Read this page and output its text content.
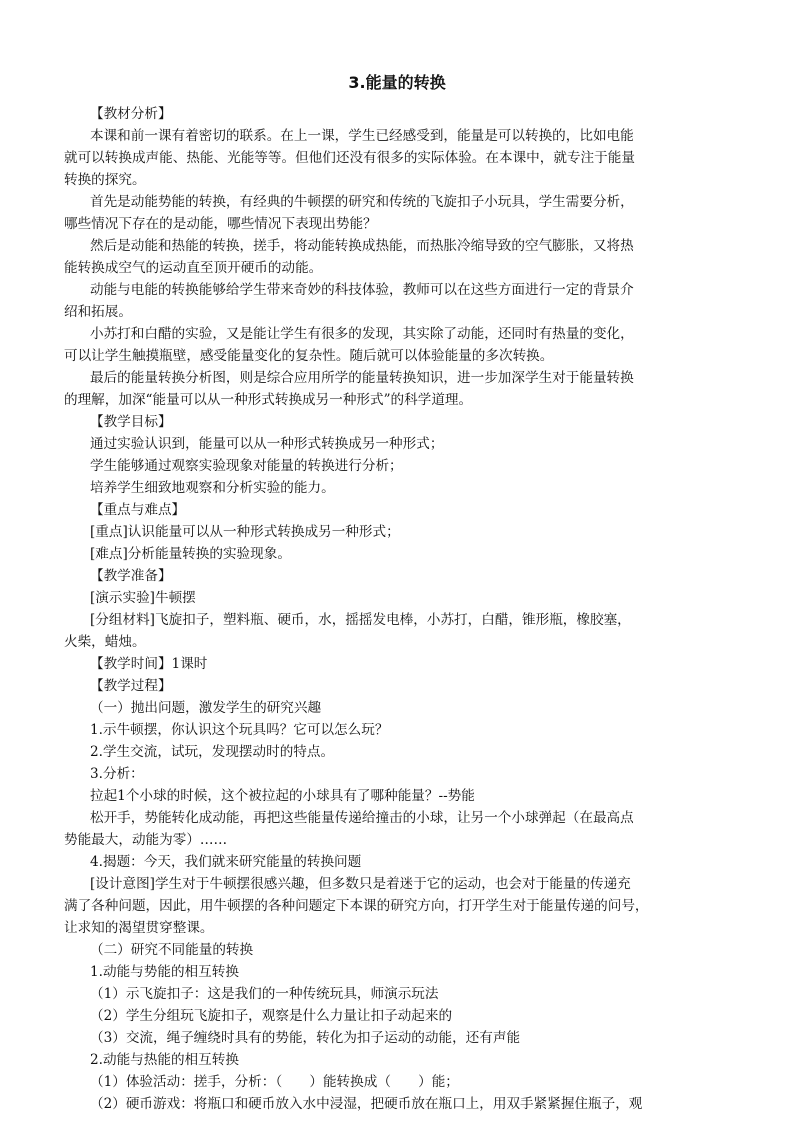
3.能量的转换

【教材分析】

本课和前一课有着密切的联系。在上一课，学生已经感受到，能量是可以转换的，比如电能

就可以转换成声能、热能、光能等等。但他们还没有很多的实际体验。在本课中，就专注于能量

转换的探究。

首先是动能势能的转换，有经典的牛顿摆的研究和传统的飞旋扣子小玩具，学生需要分析，

哪些情况下存在的是动能，哪些情况下表现出势能？

然后是动能和热能的转换，搓手，将动能转换成热能，而热胀冷缩导致的空气膨胀，又将热

能转换成空气的运动直至顶开硬币的动能。

动能与电能的转换能够给学生带来奇妙的科技体验，教师可以在这些方面进行一定的背景介

绍和拓展。

小苏打和白醋的实验，又是能让学生有很多的发现，其实除了动能，还同时有热量的变化，

可以让学生触摸瓶壁，感受能量变化的复杂性。随后就可以体验能量的多次转换。

最后的能量转换分析图，则是综合应用所学的能量转换知识，进一步加深学生对于能量转换

的理解，加深“能量可以从一种形式转换成另一种形式”的科学道理。

【教学目标】

通过实验认识到，能量可以从一种形式转换成另一种形式；

学生能够通过观察实验现象对能量的转换进行分析；

培养学生细致地观察和分析实验的能力。

【重点与难点】

[重点]认识能量可以从一种形式转换成另一种形式；

[难点]分析能量转换的实验现象。

【教学准备】

[演示实验]牛顿摆

[分组材料]飞旋扣子，塑料瓶、硬币，水，摇摇发电棒，小苏打，白醋，锥形瓶，橡胶塞，

火柴，蜡烛。

【教学时间】1课时

【教学过程】

（一）抛出问题，激发学生的研究兴趣

1.示牛顿摆，你认识这个玩具吗？它可以怎么玩？

2.学生交流，试玩，发现摆动时的特点。

3.分析：

拉起1个小球的时候，这个被拉起的小球具有了哪种能量？--势能

松开手，势能转化成动能，再把这些能量传递给撞击的小球，让另一个小球弹起（在最高点

势能最大，动能为零）……

4.揭题：今天，我们就来研究能量的转换问题

[设计意图]学生对于牛顿摆很感兴趣，但多数只是着迷于它的运动，也会对于能量的传递充

满了各种问题，因此，用牛顿摆的各种问题定下本课的研究方向，打开学生对于能量传递的问号，

让求知的渴望贯穿整课。

（二）研究不同能量的转换

1.动能与势能的相互转换

（1）示飞旋扣子：这是我们的一种传统玩具，师演示玩法

（2）学生分组玩飞旋扣子，观察是什么力量让扣子动起来的

（3）交流，绳子缠绕时具有的势能，转化为扣子运动的动能，还有声能

2.动能与热能的相互转换

（1）体验活动：搓手，分析：（　　）能转换成（　　）能；

（2）硬币游戏：将瓶口和硬币放入水中浸湿，把硬币放在瓶口上，用双手紧紧握住瓶子，观
